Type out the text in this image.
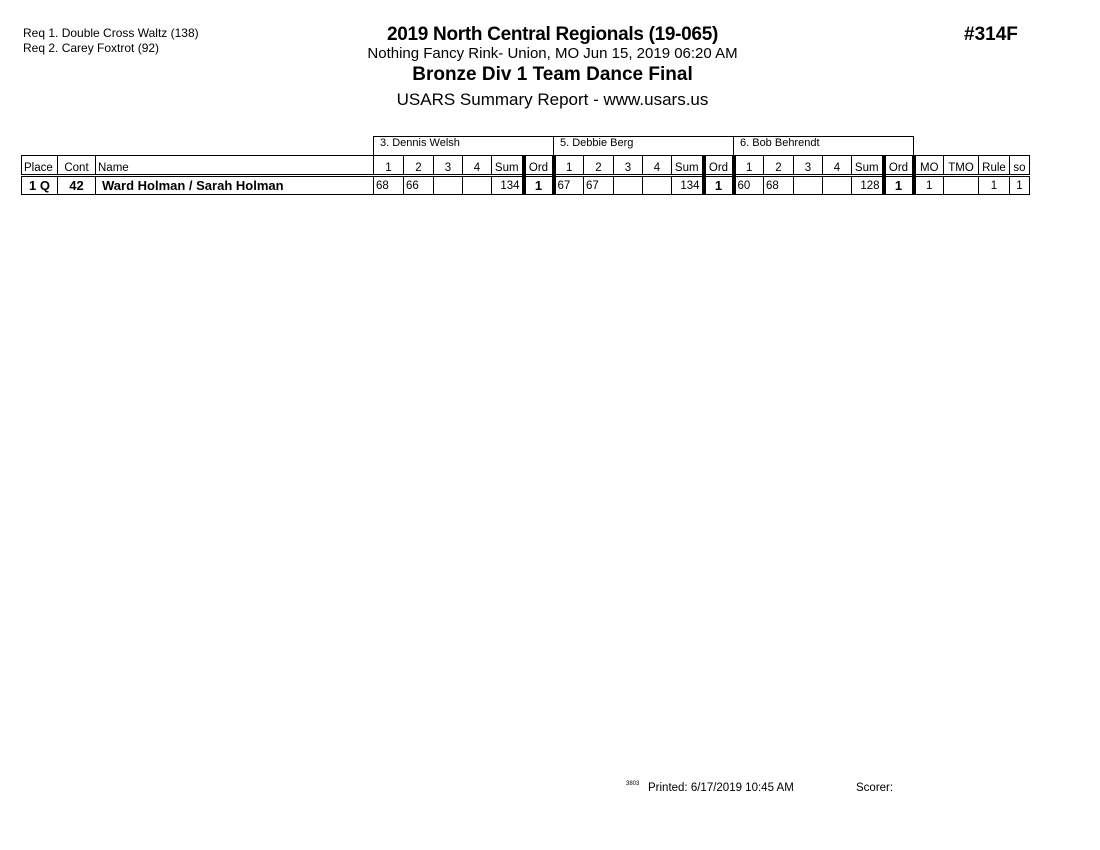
Req 1. Double Cross Waltz (138)
Req 2. Carey Foxtrot (92)
2019 North Central Regionals (19-065)
Nothing Fancy Rink- Union, MO Jun 15, 2019 06:20 AM
Bronze Div 1 Team Dance Final
USARS Summary Report - www.usars.us
#314F
			3. Dennis Welsh						5. Debbie Berg						6. Bob Behrendt									
Place	Cont	Name	1	2	3	4	Sum	Ord	1	2	3	4	Sum	Ord	1	2	3	4	Sum	Ord	MO	TMO	Rule	so
1 Q	42	Ward Holman / Sarah Holman	68	66			134	1	67	67			134	1	60	68			128	1	1		1	1
3803 Printed: 6/17/2019 10:45 AM	Scorer:
